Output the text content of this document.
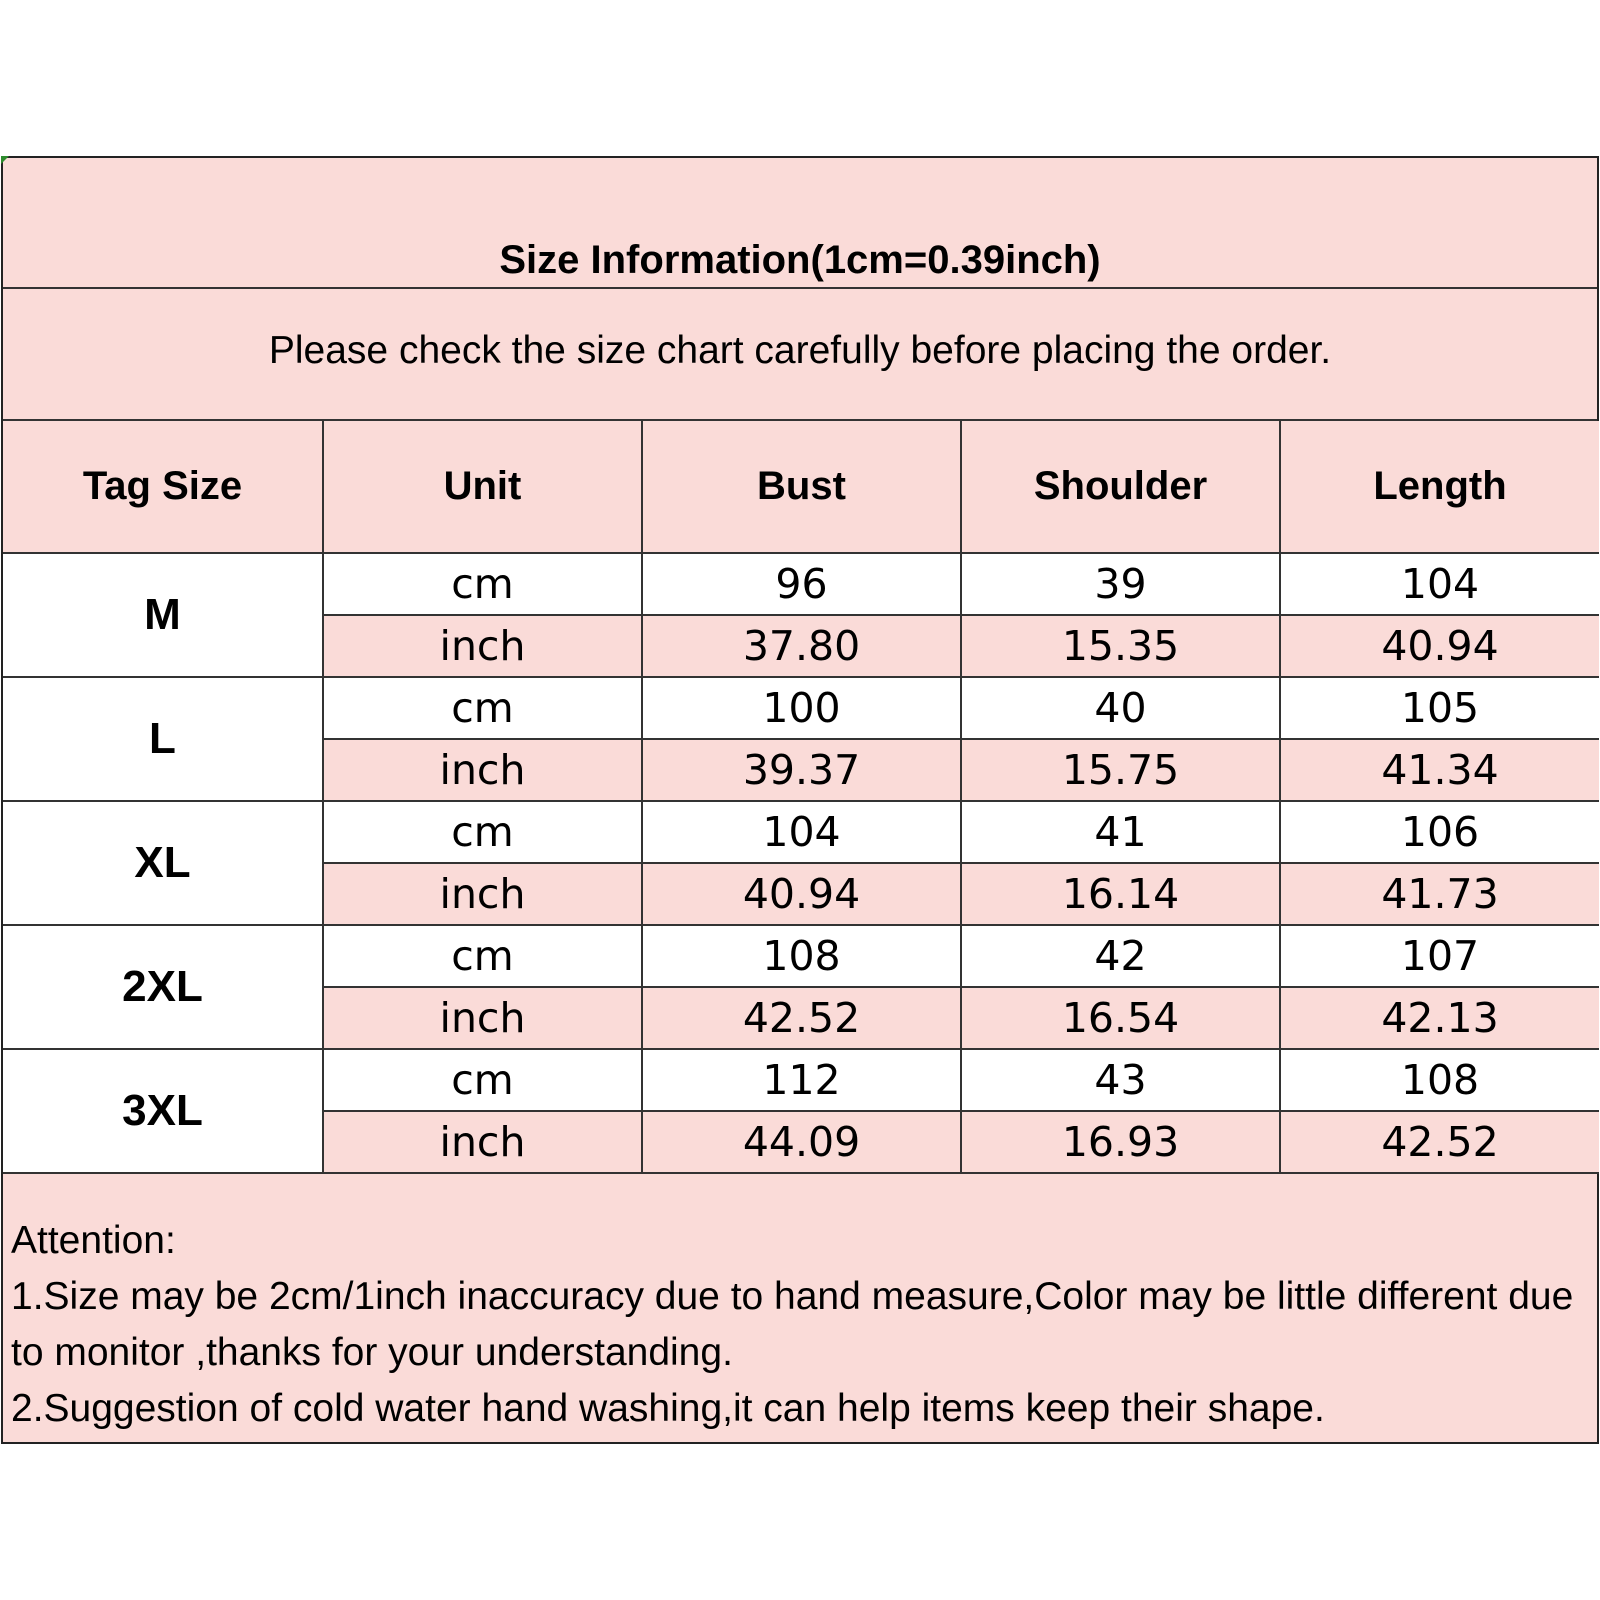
Size Information(1cm=0.39inch)
Please check the size chart carefully before placing the order.
Tag Size	Unit	Bust	Shoulder	Length
M	cm	96	39	104
	inch	37.80	15.35	40.94
L	cm	100	40	105
	inch	39.37	15.75	41.34
XL	cm	104	41	106
	inch	40.94	16.14	41.73
2XL	cm	108	42	107
	inch	42.52	16.54	42.13
3XL	cm	112	43	108
	inch	44.09	16.93	42.52

Attention:

1.Size may be 2cm/1inch inaccuracy due to hand measure,Color may be little different due to monitor ,thanks for your understanding.

2.Suggestion of cold water hand washing,it can help items keep their shape.
